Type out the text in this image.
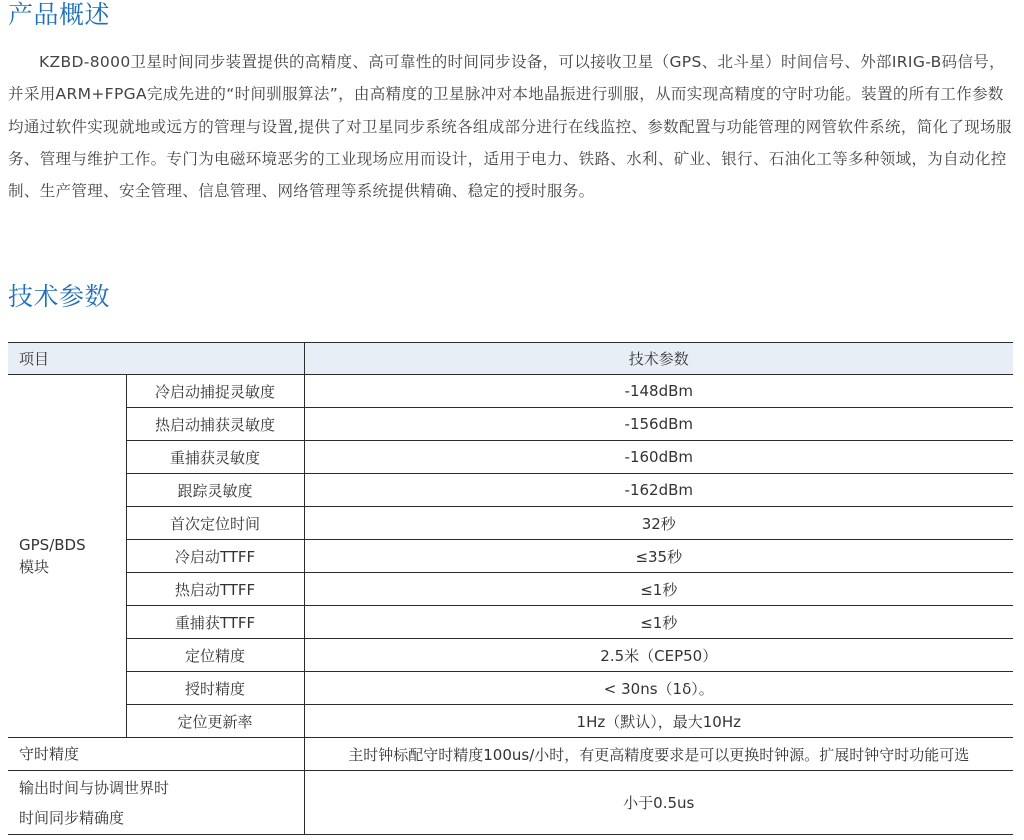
产品概述

KZBD-8000卫星时间同步装置提供的高精度、高可靠性的时间同步设备，可以接收卫星（GPS、北斗星）时间信号、外部IRIG-B码信号，并采用ARM+FPGA完成先进的“时间驯服算法”，由高精度的卫星脉冲对本地晶振进行驯服，从而实现高精度的守时功能。装置的所有工作参数均通过软件实现就地或远方的管理与设置,提供了对卫星同步系统各组成部分进行在线监控、参数配置与功能管理的网管软件系统，简化了现场服务、管理与维护工作。专门为电磁环境恶劣的工业现场应用而设计，适用于电力、铁路、水利、矿业、银行、石油化工等多种领域，为自动化控制、生产管理、安全管理、信息管理、网络管理等系统提供精确、稳定的授时服务。

技术参数
项目		技术参数
GPS/BDS
模块	冷启动捕捉灵敏度	-148dBm
	热启动捕获灵敏度	-156dBm
	重捕获灵敏度	-160dBm
	跟踪灵敏度	-162dBm
	首次定位时间	32秒
	冷启动TTFF	≤35秒
	热启动TTFF	≤1秒
	重捕获TTFF	≤1秒
	定位精度	2.5米（CEP50）
	授时精度	< 30ns（1δ）。
	定位更新率	1Hz（默认），最大10Hz
守时精度		主时钟标配守时精度100us/小时，有更高精度要求是可以更换时钟源。扩展时钟守时功能可选
输出时间与协调世界时
时间同步精确度		小于0.5us
